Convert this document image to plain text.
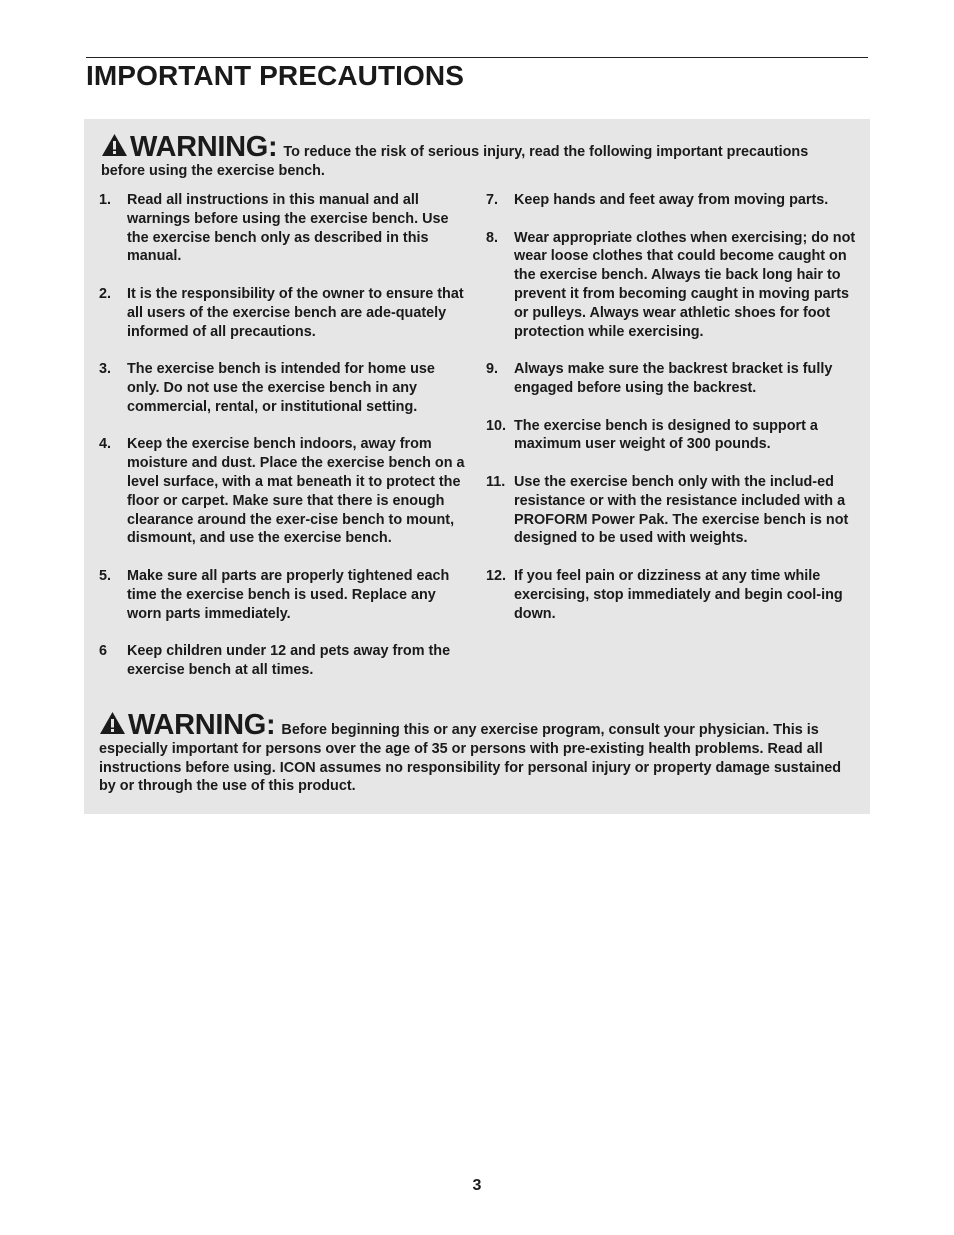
IMPORTANT PRECAUTIONS
WARNING: To reduce the risk of serious injury, read the following important precautions
before using the exercise bench.
1. Read all instructions in this manual and all warnings before using the exercise bench. Use the exercise bench only as described in this manual.
2. It is the responsibility of the owner to ensure that all users of the exercise bench are ade-quately informed of all precautions.
3. The exercise bench is intended for home use only. Do not use the exercise bench in any commercial, rental, or institutional setting.
4. Keep the exercise bench indoors, away from moisture and dust. Place the exercise bench on a level surface, with a mat beneath it to protect the floor or carpet. Make sure that there is enough clearance around the exer-cise bench to mount, dismount, and use the exercise bench.
5. Make sure all parts are properly tightened each time the exercise bench is used. Replace any worn parts immediately.
6 Keep children under 12 and pets away from the exercise bench at all times.
7. Keep hands and feet away from moving parts.
8. Wear appropriate clothes when exercising; do not wear loose clothes that could become caught on the exercise bench. Always tie back long hair to prevent it from becoming caught in moving parts or pulleys. Always wear athletic shoes for foot protection while exercising.
9. Always make sure the backrest bracket is fully engaged before using the backrest.
10. The exercise bench is designed to support a maximum user weight of 300 pounds.
11. Use the exercise bench only with the includ-ed resistance or with the resistance included with a PROFORM Power Pak. The exercise bench is not designed to be used with weights.
12. If you feel pain or dizziness at any time while exercising, stop immediately and begin cool-ing down.
WARNING: Before beginning this or any exercise program, consult your physician. This is especially important for persons over the age of 35 or persons with pre-existing health problems. Read all instructions before using. ICON assumes no responsibility for personal injury or property damage sustained by or through the use of this product.
3
